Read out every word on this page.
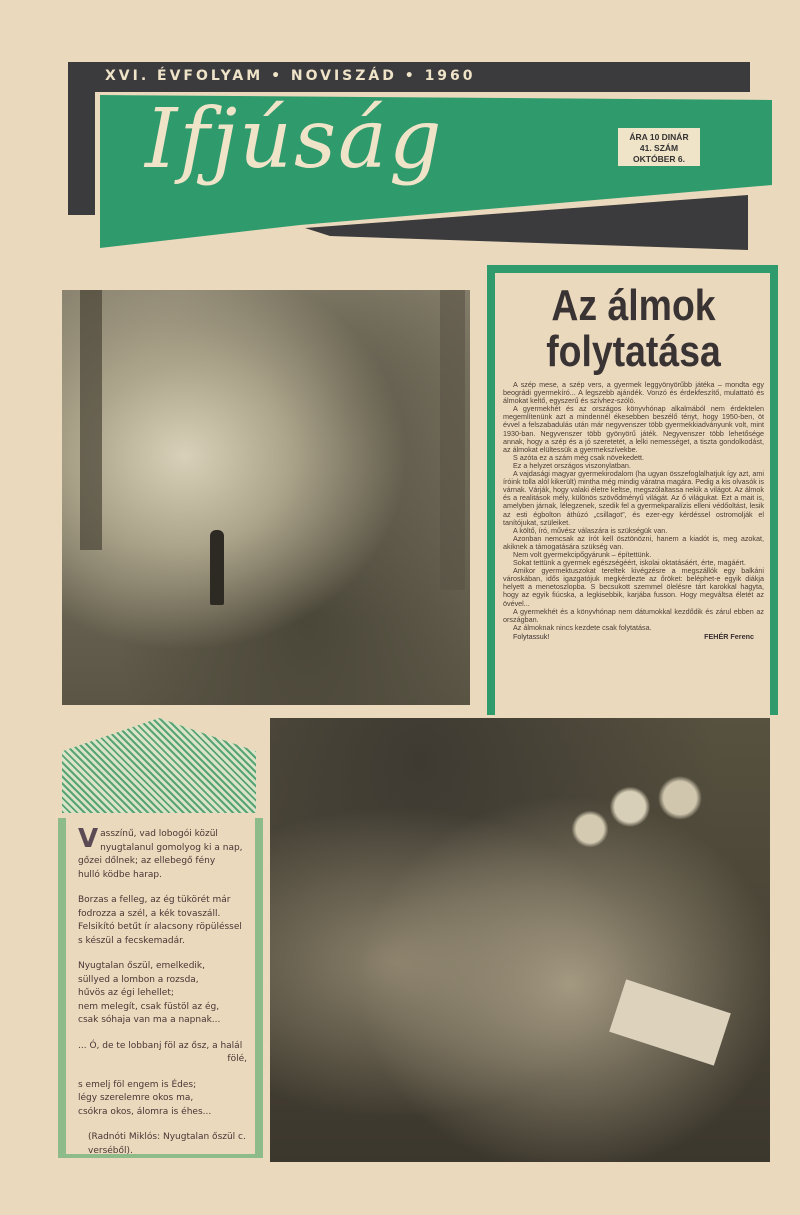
XVI. ÉVFOLYAM • NOVISZÁD • 1960
Ifjúság	ÁRA 10 DINÁR
41. SZÁM
OKTÓBER 6.
Az álmok folytatása

A szép mese, a szép vers, a gyermek leggyönyörűbb játéka – mondta egy beográdi gyermekíró... A legszebb ajándék. Vonzó és érdekfeszítő, mulattató és álmokat keltő, egyszerű és szívhez-szóló.

A gyermekhét és az országos könyvhónap alkalmából nem érdektelen megemlítenünk azt a mindennél ékesebben beszélő tényt, hogy 1950-ben, öt évvel a felszabadulás után már negyvenszer több gyermekkiadványunk volt, mint 1930-ban. Negyvenszer több gyönyörű játék. Negyvenszer több lehetősége annak, hogy a szép és a jó szeretetét, a lelki nemességet, a tiszta gondolkodást, az álmokat elültessük a gyermekszívekbe.

S azóta ez a szám még csak növekedett.

Ez a helyzet országos viszonylatban.

A vajdasági magyar gyermekirodalom (ha ugyan összefoglalhatjuk így azt, ami íróink tolla alól kikerült) mintha még mindig váratna magára. Pedig a kis olvasók is várnak. Várják, hogy valaki életre keltse, megszólaltassa nekik a világot. Az álmok és a realitások mély, különös szövődményű világát. Az ő világukat. Ezt a mait is, amelyben járnak, lélegzenek, szedik fel a gyermekparalízis elleni védőoltást, lesik az esti égbolton áthúzó „csillagot”, és ezer-egy kérdéssel ostromolják el tanítójukat, szüleiket.

A költő, író, művész válaszára is szükségük van.

Azonban nemcsak az írót kell ösztönözni, hanem a kiadót is, meg azokat, akiknek a támogatására szükség van.

Nem volt gyermekcipőgyárunk – építettünk.

Sokat tettünk a gyermek egészségéért, iskolai oktatásáért, érte, magáért.

Amikor gyermektuszokat tereltek kivégzésre a megszállók egy balkáni városkában, idős igazgatójuk megkérdezte az őröket: beléphet-e egyik diákja helyett a menetoszlopba. S becsukott szemmel ölelésre tárt karokkal hagyta, hogy az egyik fiúcska, a legkisebbik, karjába fusson. Hogy megváltsa életét az övével...

A gyermekhét és a könyvhónap nem dátumokkal kezdődik és zárul ebben az országban.

Az álmoknak nincs kezdete csak folytatása.

Folytassuk!	FEHÉR Ferenc
V asszínű, vad lobogói közül
nyugtalanul gomolyog ki a nap,
gőzei dőlnek; az ellebegő fény
hulló ködbe harap.
Borzas a felleg, az ég tükörét már
fodrozza a szél, a kék tovaszáll.
Felsikító betűt ír alacsony röpüléssel
s készül a fecskemadár.
Nyugtalan őszül, emelkedik,
süllyed a lombon a rozsda,
hűvös az égi lehellet;
nem melegít, csak füstöl az ég,
csak sóhaja van ma a napnak...
... Ó, de te lobbanj föl az ősz, a halál
fölé,
s emelj föl engem is Édes;
légy szerelemre okos ma,
csókra okos, álomra is éhes...
(Radnóti Miklós: Nyugtalan őszül c. verséből).
